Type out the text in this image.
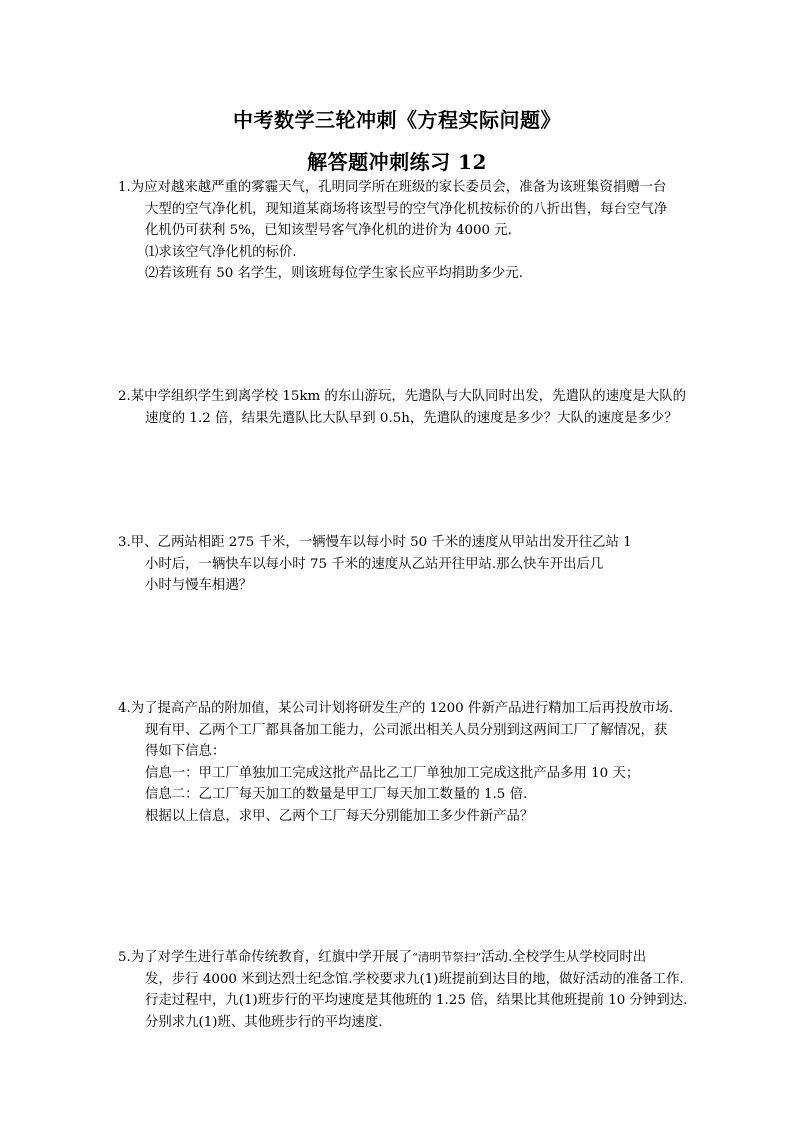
中考数学三轮冲刺《方程实际问题》
解答题冲刺练习 12
1.为应对越来越严重的雾霾天气，孔明同学所在班级的家长委员会，准备为该班集资捐赠一台
大型的空气净化机，现知道某商场将该型号的空气净化机按标价的八折出售，每台空气净
化机仍可获利 5%，已知该型号客气净化机的进价为 4000 元.
⑴求该空气净化机的标价.
⑵若该班有 50 名学生，则该班每位学生家长应平均捐助多少元.
2.某中学组织学生到离学校 15km 的东山游玩，先遣队与大队同时出发，先遣队的速度是大队的
速度的 1.2 倍，结果先遣队比大队早到 0.5h，先遣队的速度是多少？大队的速度是多少？
3.甲、乙两站相距 275 千米，一辆慢车以每小时 50 千米的速度从甲站出发开往乙站 1
小时后，一辆快车以每小时 75 千米的速度从乙站开往甲站.那么快车开出后几
小时与慢车相遇？
4.为了提高产品的附加值，某公司计划将研发生产的 1200 件新产品进行精加工后再投放市场.
现有甲、乙两个工厂都具备加工能力，公司派出相关人员分别到这两间工厂了解情况，获
得如下信息：
信息一：甲工厂单独加工完成这批产品比乙工厂单独加工完成这批产品多用 10 天；
信息二：乙工厂每天加工的数量是甲工厂每天加工数量的 1.5 倍.
根据以上信息，求甲、乙两个工厂每天分别能加工多少件新产品？
5.为了对学生进行革命传统教育，红旗中学开展了“清明节祭扫”活动.全校学生从学校同时出
发，步行 4000 米到达烈士纪念馆.学校要求九(1)班提前到达目的地，做好活动的准备工作.
行走过程中，九(1)班步行的平均速度是其他班的 1.25 倍，结果比其他班提前 10 分钟到达.
分别求九(1)班、其他班步行的平均速度.
